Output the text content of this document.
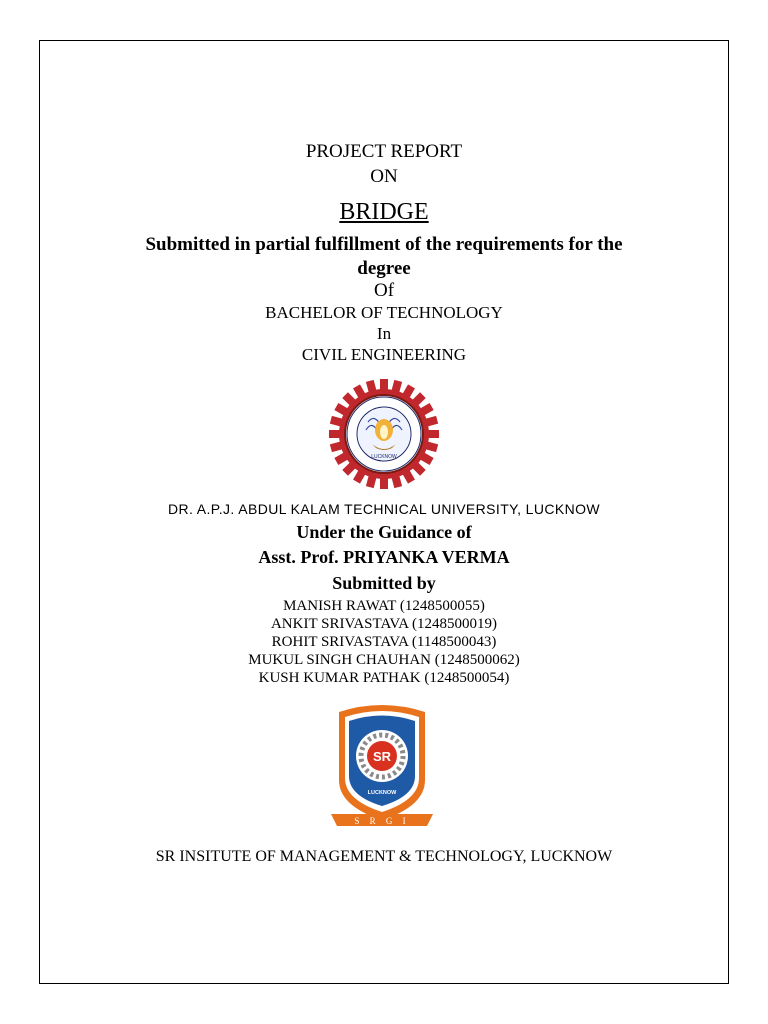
PROJECT REPORT
ON
BRIDGE
Submitted in partial fulfillment of the requirements for the
degree
Of
BACHELOR OF TECHNOLOGY
In
CIVIL ENGINEERING
LUCKNOW
DR. A.P.J. ABDUL KALAM TECHNICAL UNIVERSITY, LUCKNOW
Under the Guidance of
Asst. Prof. PRIYANKA VERMA
Submitted by
MANISH RAWAT (1248500055)
ANKIT SRIVASTAVA (1248500019)
ROHIT SRIVASTAVA (1148500043)
MUKUL SINGH CHAUHAN (1248500062)
KUSH KUMAR PATHAK (1248500054)
SR
LUCKNOW
S R G I
SR INSITUTE OF MANAGEMENT & TECHNOLOGY, LUCKNOW
